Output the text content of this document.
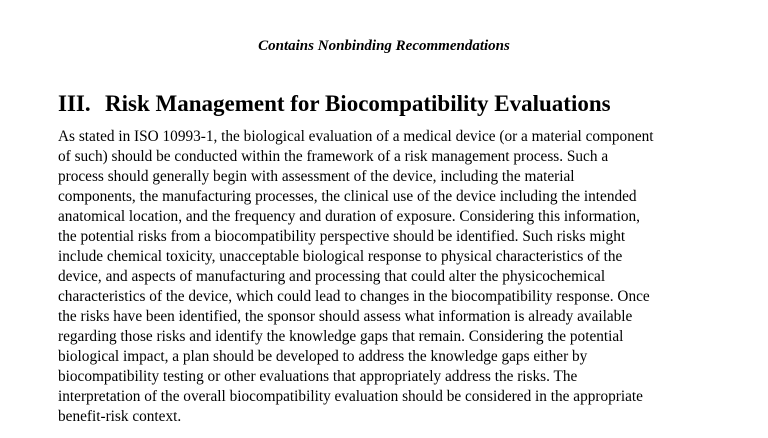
Contains Nonbinding Recommendations
III. Risk Management for Biocompatibility Evaluations
As stated in ISO 10993-1, the biological evaluation of a medical device (or a material component
of such) should be conducted within the framework of a risk management process. Such a
process should generally begin with assessment of the device, including the material
components, the manufacturing processes, the clinical use of the device including the intended
anatomical location, and the frequency and duration of exposure. Considering this information,
the potential risks from a biocompatibility perspective should be identified. Such risks might
include chemical toxicity, unacceptable biological response to physical characteristics of the
device, and aspects of manufacturing and processing that could alter the physicochemical
characteristics of the device, which could lead to changes in the biocompatibility response. Once
the risks have been identified, the sponsor should assess what information is already available
regarding those risks and identify the knowledge gaps that remain. Considering the potential
biological impact, a plan should be developed to address the knowledge gaps either by
biocompatibility testing or other evaluations that appropriately address the risks. The
interpretation of the overall biocompatibility evaluation should be considered in the appropriate
benefit-risk context.
